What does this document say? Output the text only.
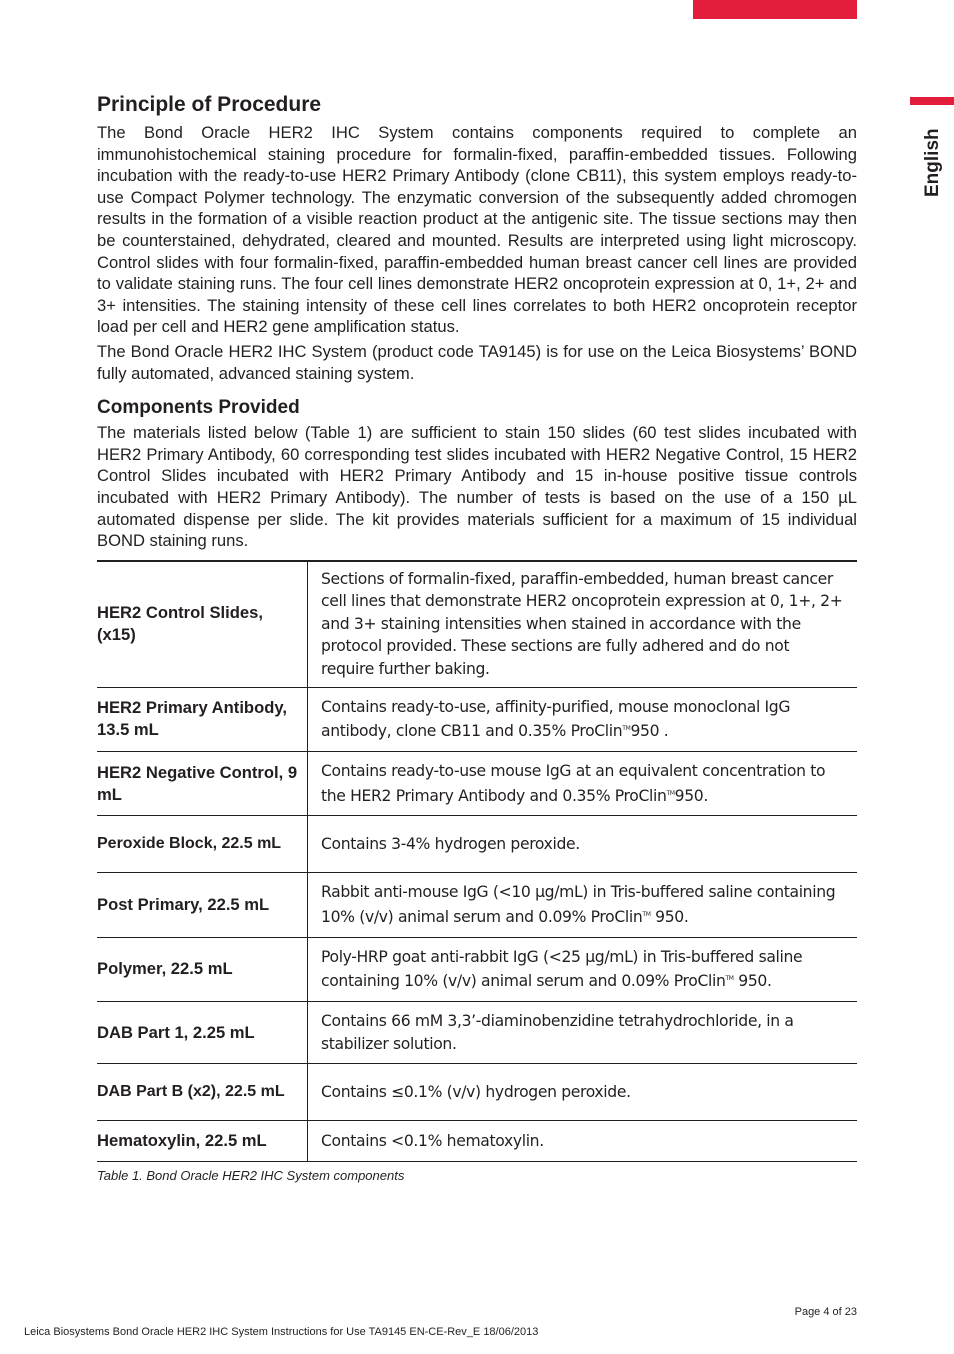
English
Principle of Procedure

The Bond Oracle HER2 IHC System contains components required to complete an immunohistochemical staining procedure for formalin-fixed, paraffin-embedded tissues. Following incubation with the ready-to-use HER2 Primary Antibody (clone CB11), this system employs ready-to-use Compact Polymer technology. The enzymatic conversion of the subsequently added chromogen results in the formation of a visible reaction product at the antigenic site. The tissue sections may then be counterstained, dehydrated, cleared and mounted. Results are interpreted using light microscopy. Control slides with four formalin-fixed, paraffin-embedded human breast cancer cell lines are provided to validate staining runs. The four cell lines demonstrate HER2 oncoprotein expression at 0, 1+, 2+ and 3+ intensities. The staining intensity of these cell lines correlates to both HER2 oncoprotein receptor load per cell and HER2 gene amplification status.

The Bond Oracle HER2 IHC System (product code TA9145) is for use on the Leica Biosystems’ BOND fully automated, advanced staining system.

Components Provided

The materials listed below (Table 1) are sufficient to stain 150 slides (60 test slides incubated with HER2 Primary Antibody, 60 corresponding test slides incubated with HER2 Negative Control, 15 HER2 Control Slides incubated with HER2 Primary Antibody and 15 in-house positive tissue controls incubated with HER2 Primary Antibody). The number of tests is based on the use of a 150 µL automated dispense per slide. The kit provides materials sufficient for a maximum of 15 individual BOND staining runs.

HER2 Control Slides, (x15)	Sections of formalin-fixed, paraffin-embedded, human breast cancer cell lines that demonstrate HER2 oncoprotein expression at 0, 1+, 2+ and 3+ staining intensities when stained in accordance with the protocol provided. These sections are fully adhered and do not require further baking.
HER2 Primary Antibody, 13.5 mL	Contains ready-to-use, affinity-purified, mouse monoclonal IgG antibody, clone CB11 and 0.35% ProClin™950 .
HER2 Negative Control, 9 mL	Contains ready-to-use mouse IgG at an equivalent concentration to the HER2 Primary Antibody and 0.35% ProClin™950.
Peroxide Block, 22.5 mL	Contains 3-4% hydrogen peroxide.
Post Primary, 22.5 mL	Rabbit anti-mouse IgG (<10 µg/mL) in Tris-buffered saline containing 10% (v/v) animal serum and 0.09% ProClin™ 950.
Polymer, 22.5 mL	Poly-HRP goat anti-rabbit IgG (<25 µg/mL) in Tris-buffered saline containing 10% (v/v) animal serum and 0.09% ProClin™ 950.
DAB Part 1, 2.25 mL	Contains 66 mM 3,3’-diaminobenzidine tetrahydrochloride, in a stabilizer solution.
DAB Part B (x2), 22.5 mL	Contains ≤0.1% (v/v) hydrogen peroxide.
Hematoxylin, 22.5 mL	Contains <0.1% hematoxylin.
Table 1. Bond Oracle HER2 IHC System components
Page 4 of 23
Leica Biosystems Bond Oracle HER2 IHC System Instructions for Use TA9145 EN-CE-Rev_E 18/06/2013
